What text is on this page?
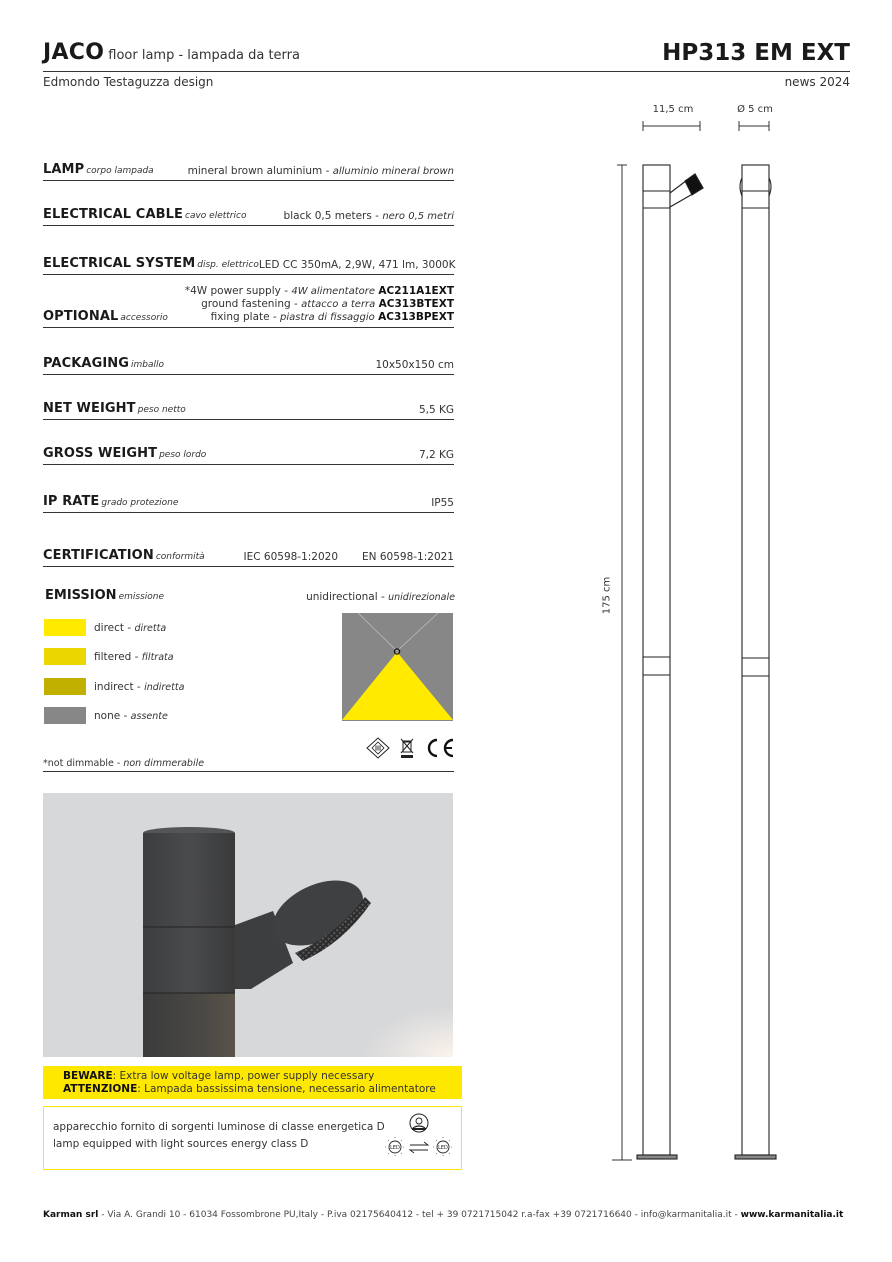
JACO floor lamp - lampada da terra	HP313 EM EXT
Edmondo Testaguzza design	news 2024
LAMP corpo lampada	mineral brown aluminium - alluminio mineral brown
ELECTRICAL CABLE cavo elettrico	black 0,5 meters - nero 0,5 metri
ELECTRICAL SYSTEM disp. elettrico LED CC 350mA, 2,9W, 471 lm, 3000K
OPTIONAL accessorio
*4W power supply - 4W alimentatore AC211A1EXT
ground fastening - attacco a terra AC313BTEXT
fixing plate - piastra di fissaggio AC313BPEXT
PACKAGING imballo	10x50x150 cm
NET WEIGHT peso netto	5,5 KG
GROSS WEIGHT peso lordo	7,2 KG
IP RATE grado protezione	IP55
CERTIFICATION conformità	IEC 60598-1:2020 EN 60598-1:2021
EMISSION emissione	unidirectional - unidirezionale
direct - diretta
filtered - filtrata
indirect - indiretta
none - assente
*not dimmable - non dimmerabile
BEWARE: Extra low voltage lamp, power supply necessary
ATTENZIONE: Lampada bassissima tensione, necessario alimentatore
apparecchio fornito di sorgenti luminose di classe energetica D
lamp equipped with light sources energy class D	LED	LED
11,5 cm	Ø 5 cm
175 cm
Karman srl - Via A. Grandi 10 - 61034 Fossombrone PU,Italy - P.iva 02175640412 - tel + 39 0721715042 r.a-fax +39 0721716640 - info@karmanitalia.it - www.karmanitalia.it
